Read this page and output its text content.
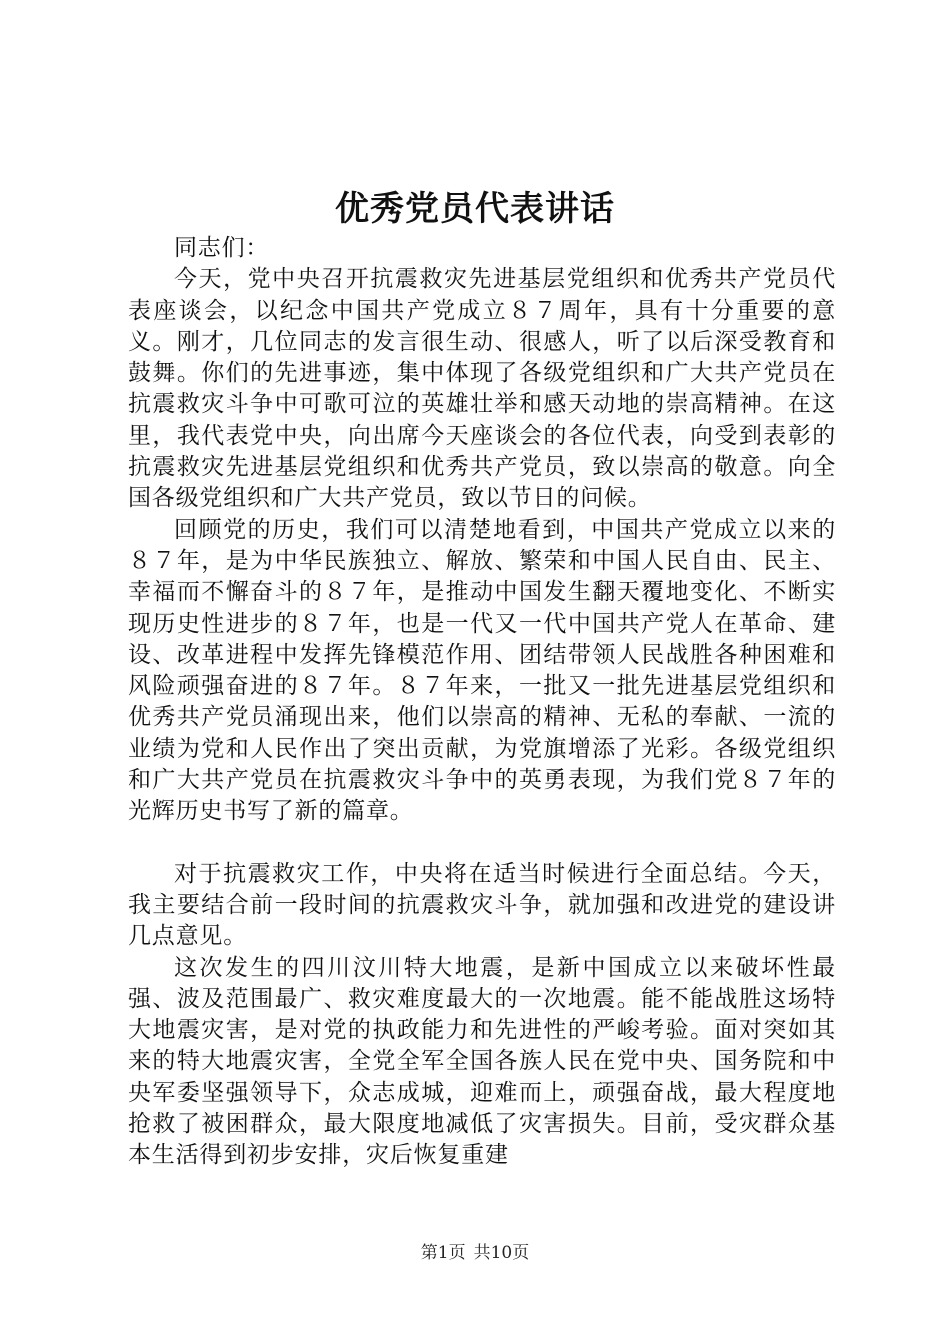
优秀党员代表讲话

同志们：

今天，党中央召开抗震救灾先进基层党组织和优秀共产党员代表座谈会，以纪念中国共产党成立８７周年，具有十分重要的意义。刚才，几位同志的发言很生动、很感人，听了以后深受教育和鼓舞。你们的先进事迹，集中体现了各级党组织和广大共产党员在抗震救灾斗争中可歌可泣的英雄壮举和感天动地的崇高精神。在这里，我代表党中央，向出席今天座谈会的各位代表，向受到表彰的抗震救灾先进基层党组织和优秀共产党员，致以崇高的敬意。向全国各级党组织和广大共产党员，致以节日的问候。

回顾党的历史，我们可以清楚地看到，中国共产党成立以来的８７年，是为中华民族独立、解放、繁荣和中国人民自由、民主、幸福而不懈奋斗的８７年，是推动中国发生翻天覆地变化、不断实现历史性进步的８７年，也是一代又一代中国共产党人在革命、建设、改革进程中发挥先锋模范作用、团结带领人民战胜各种困难和风险顽强奋进的８７年。８７年来，一批又一批先进基层党组织和优秀共产党员涌现出来，他们以崇高的精神、无私的奉献、一流的业绩为党和人民作出了突出贡献，为党旗增添了光彩。各级党组织和广大共产党员在抗震救灾斗争中的英勇表现，为我们党８７年的光辉历史书写了新的篇章。

对于抗震救灾工作，中央将在适当时候进行全面总结。今天，我主要结合前一段时间的抗震救灾斗争，就加强和改进党的建设讲几点意见。

这次发生的四川汶川特大地震，是新中国成立以来破坏性最强、波及范围最广、救灾难度最大的一次地震。能不能战胜这场特大地震灾害，是对党的执政能力和先进性的严峻考验。面对突如其来的特大地震灾害，全党全军全国各族人民在党中央、国务院和中央军委坚强领导下，众志成城，迎难而上，顽强奋战，最大程度地抢救了被困群众，最大限度地减低了灾害损失。目前，受灾群众基本生活得到初步安排，灾后恢复重建

第1页 共10页
